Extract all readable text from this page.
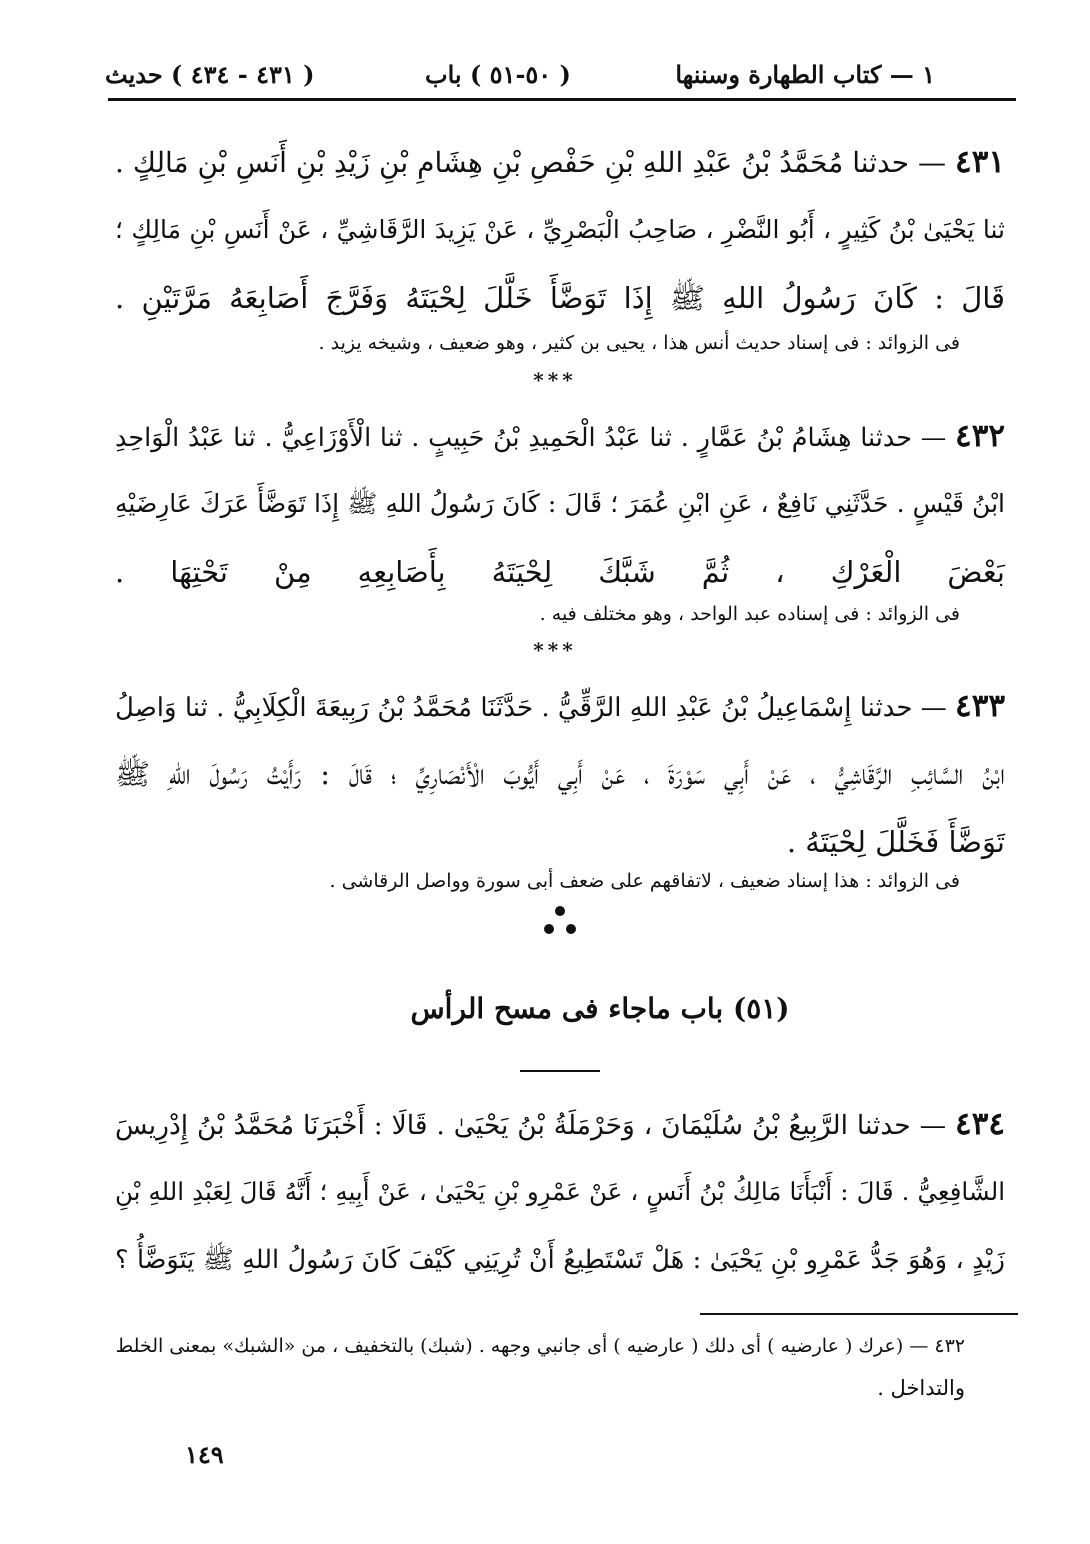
١ — كتاب الطهارة وسننها
( ٥٠-٥١ ) باب
( ٤٣١ - ٤٣٤ ) حديث
٤٣١ — حدثنا مُحَمَّدُ بْنُ عَبْدِ اللهِ بْنِ حَفْصِ بْنِ هِشَامِ بْنِ زَيْدِ بْنِ أَنَسِ بْنِ مَالِكٍ .
ثنا يَحْيَىٰ بْنُ كَثِيرٍ ، أَبُو النَّضْرِ ، صَاحِبُ الْبَصْرِيِّ ، عَنْ يَزِيدَ الرَّقَاشِيِّ ، عَنْ أَنَسِ بْنِ مَالِكٍ ؛
قَالَ : كَانَ رَسُولُ اللهِ ﷺ إِذَا تَوَضَّأَ خَلَّلَ لِحْيَتَهُ وَفَرَّجَ أَصَابِعَهُ مَرَّتَيْنِ .
فى الزوائد : فى إسناد حديث أنس هذا ، يحيى بن كثير ، وهو ضعيف ، وشيخه يزيد .
***
٤٣٢ — حدثنا هِشَامُ بْنُ عَمَّارٍ . ثنا عَبْدُ الْحَمِيدِ بْنُ حَبِيبٍ . ثنا الْأَوْزَاعِيُّ . ثنا عَبْدُ الْوَاحِدِ
ابْنُ قَيْسٍ . حَدَّثَنِي نَافِعٌ ، عَنِ ابْنِ عُمَرَ ؛ قَالَ : كَانَ رَسُولُ اللهِ ﷺ إِذَا تَوَضَّأَ عَرَكَ عَارِضَيْهِ
بَعْضَ الْعَرْكِ ، ثُمَّ شَبَّكَ لِحْيَتَهُ بِأَصَابِعِهِ مِنْ تَحْتِهَا .
فى الزوائد : فى إسناده عبد الواحد ، وهو مختلف فيه .
***
٤٣٣ — حدثنا إِسْمَاعِيلُ بْنُ عَبْدِ اللهِ الرَّقِّيُّ . حَدَّثَنَا مُحَمَّدُ بْنُ رَبِيعَةَ الْكِلَابِيُّ . ثنا وَاصِلُ
ابْنُ السَّائِبِ الرَّقَاشِيُّ ، عَنْ أَبِي سَوْرَةَ ، عَنْ أَبِي أَيُّوبَ الْأَنْصَارِيِّ ؛ قَالَ : رَأَيْتُ رَسُولَ اللهِ ﷺ
تَوَضَّأَ فَخَلَّلَ لِحْيَتَهُ .
فى الزوائد : هذا إسناد ضعيف ، لاتفاقهم على ضعف أبى سورة وواصل الرقاشى .
(٥١) باب ماجاء فى مسح الرأس
٤٣٤ — حدثنا الرَّبِيعُ بْنُ سُلَيْمَانَ ، وَحَرْمَلَةُ بْنُ يَحْيَىٰ . قَالَا : أَخْبَرَنَا مُحَمَّدُ بْنُ إِدْرِيسَ
الشَّافِعِيُّ . قَالَ : أَنْبَأَنَا مَالِكُ بْنُ أَنَسٍ ، عَنْ عَمْرِو بْنِ يَحْيَىٰ ، عَنْ أَبِيهِ ؛ أَنَّهُ قَالَ لِعَبْدِ اللهِ بْنِ
زَيْدٍ ، وَهُوَ جَدُّ عَمْرِو بْنِ يَحْيَىٰ : هَلْ تَسْتَطِيعُ أَنْ تُرِيَنِي كَيْفَ كَانَ رَسُولُ اللهِ ﷺ يَتَوَضَّأُ ؟
٤٣٢ — (عرك ( عارضيه ) أى دلك ( عارضيه ) أى جانبي وجهه . (شبك) بالتخفيف ، من «الشبك» بمعنى الخلط
والتداخل .
١٤٩
